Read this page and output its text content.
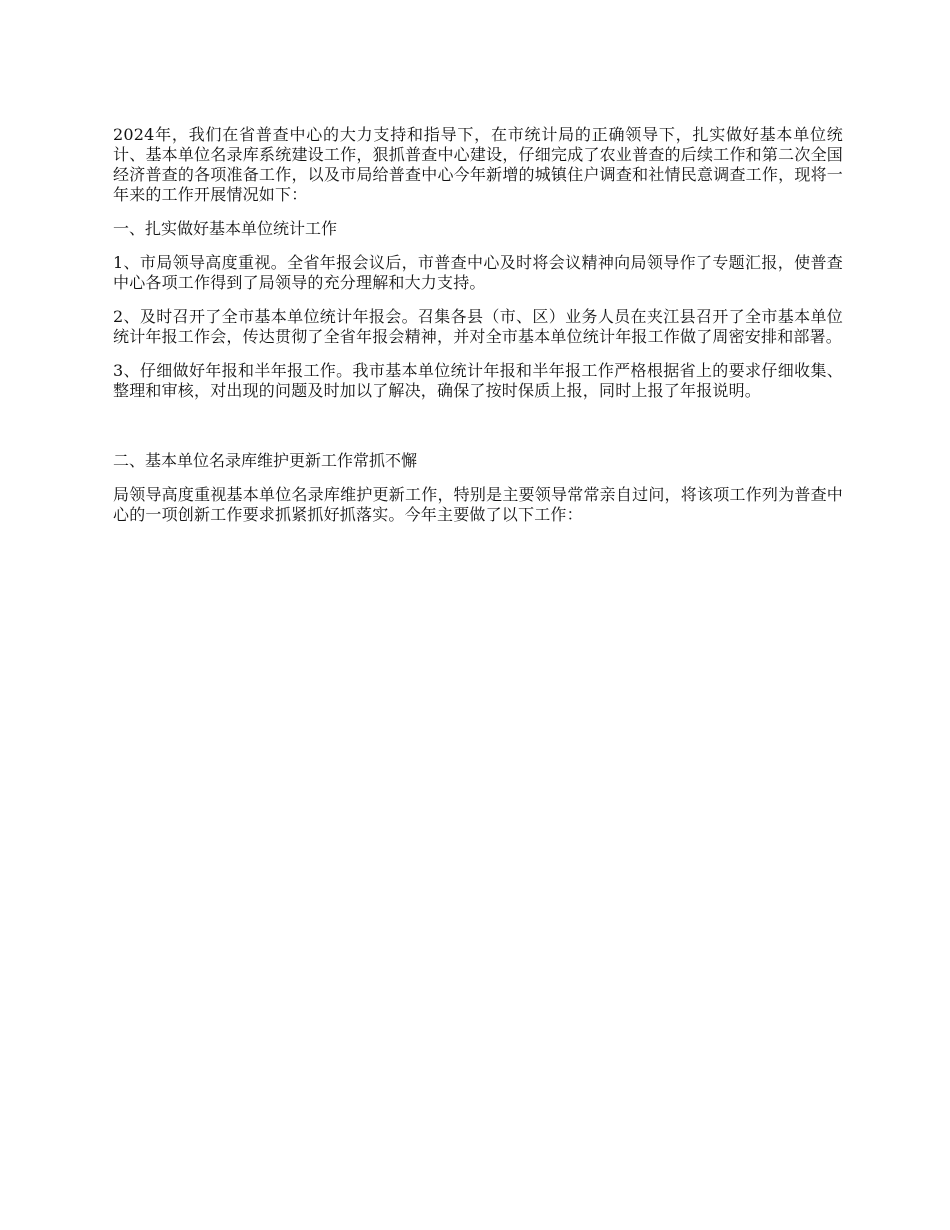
2024年，我们在省普查中心的大力支持和指导下，在市统计局的正确领导下，扎实做好基本单位统计、基本单位名录库系统建设工作，狠抓普查中心建设，仔细完成了农业普查的后续工作和第二次全国经济普查的各项准备工作，以及市局给普查中心今年新增的城镇住户调查和社情民意调查工作，现将一年来的工作开展情况如下：

一、扎实做好基本单位统计工作

1、市局领导高度重视。全省年报会议后，市普查中心及时将会议精神向局领导作了专题汇报，使普查中心各项工作得到了局领导的充分理解和大力支持。

2、及时召开了全市基本单位统计年报会。召集各县（市、区）业务人员在夹江县召开了全市基本单位统计年报工作会，传达贯彻了全省年报会精神，并对全市基本单位统计年报工作做了周密安排和部署。

3、仔细做好年报和半年报工作。我市基本单位统计年报和半年报工作严格根据省上的要求仔细收集、整理和审核，对出现的问题及时加以了解决，确保了按时保质上报，同时上报了年报说明。

二、基本单位名录库维护更新工作常抓不懈

局领导高度重视基本单位名录库维护更新工作，特别是主要领导常常亲自过问，将该项工作列为普查中心的一项创新工作要求抓紧抓好抓落实。今年主要做了以下工作：
